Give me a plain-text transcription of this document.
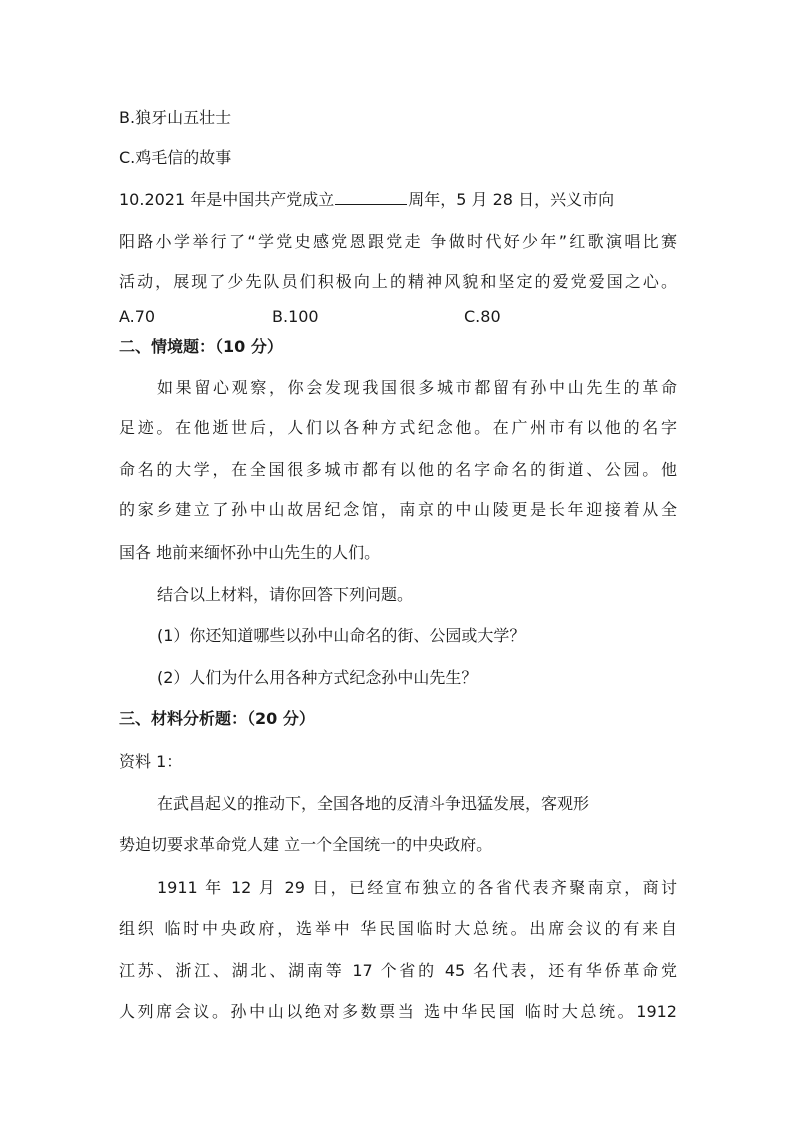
B.狼牙山五壮士
C.鸡毛信的故事
10.2021 年是中国共产党成立	周年，5 月 28 日，兴义市向
阳路小学举行了“学党史感党恩跟党走 争做时代好少年”红歌演唱比赛
活动，展现了少先队员们积极向上的精神风貌和坚定的爱党爱国之心。
A.70	B.100	C.80
二、情境题：（10 分）
如果留心观察，你会发现我国很多城市都留有孙中山先生的革命
足迹。在他逝世后，人们以各种方式纪念他。在广州市有以他的名字
命名的大学，在全国很多城市都有以他的名字命名的街道、公园。他
的家乡建立了孙中山故居纪念馆，南京的中山陵更是长年迎接着从全
国各 地前来缅怀孙中山先生的人们。
结合以上材料，请你回答下列问题。
(1）你还知道哪些以孙中山命名的街、公园或大学？
(2）人们为什么用各种方式纪念孙中山先生？
三、材料分析题：（20 分）
资料 1：
在武昌起义的推动下，全国各地的反清斗争迅猛发展，客观形
势迫切要求革命党人建 立一个全国统一的中央政府。
1911 年 12 月 29 日，已经宣布独立的各省代表齐聚南京，商讨
组织 临时中央政府，选举中 华民国临时大总统。出席会议的有来自
江苏、浙江、湖北、湖南等 17 个省的 45 名代表，还有华侨革命党
人列席会议。孙中山以绝对多数票当 选中华民国 临时大总统。1912
